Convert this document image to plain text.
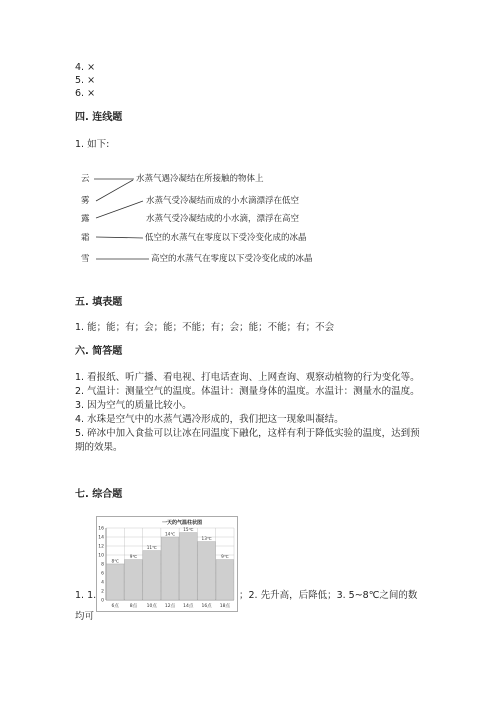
4. ×
5. ×
6. ×
四. 连线题
1. 如下:
云
雾
露
霜
雪
水蒸气遇冷凝结在所接触的物体上
水蒸气受冷凝结而成的小水滴漂浮在低空
水蒸气受冷凝结成的小水滴，漂浮在高空
低空的水蒸气在零度以下受冷变化成的冰晶
高空的水蒸气在零度以下受冷变化成的冰晶
五. 填表题
1. 能；能；有；会；能；不能；有；会；能；不能；有；不会
六. 简答题

1. 看报纸、听广播、看电视、打电话查询、上网查询、观察动植物的行为变化等。

2. 气温计：测量空气的温度。体温计：测量身体的温度。水温计：测量水的温度。

3. 因为空气的质量比较小。

4. 水珠是空气中的水蒸气遇冷形成的，我们把这一现象叫凝结。

5. 碎冰中加入食盐可以让冰在同温度下融化，这样有利于降低实验的温度，达到预期的效果。

七. 综合题
1. 1.
一天的气温柱状图
0
2
4
6
8
10
12
14
16
8℃
6点
9℃
8点
11℃
10点
14℃
12点
15℃
14点
13℃
16点
9℃
18点
；2. 先升高，后降低；3. 5~8℃之间的数
均可
